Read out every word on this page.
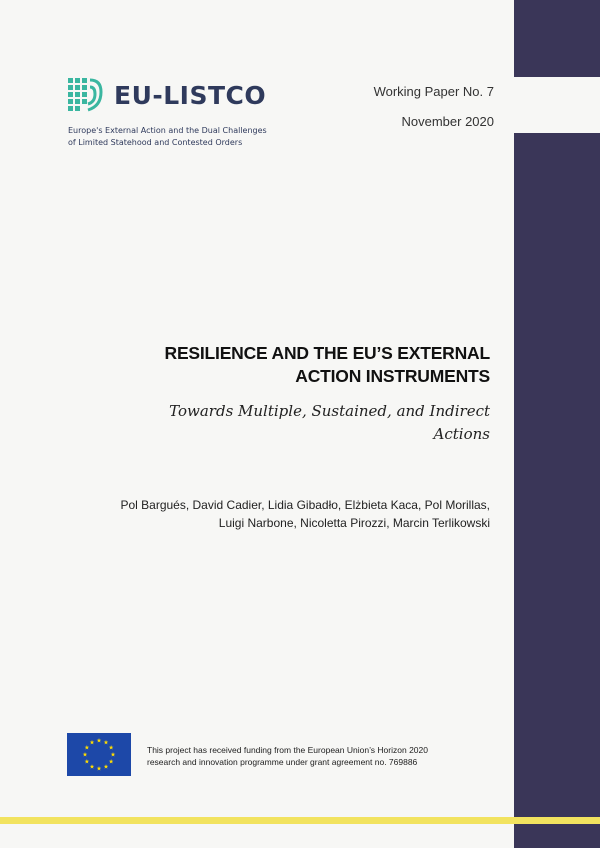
EU-LISTCO
Europe's External Action and the Dual Challenges
of Limited Statehood and Contested Orders
Working Paper No. 7
November 2020
RESILIENCE AND THE EU’S EXTERNAL
ACTION INSTRUMENTS
Towards Multiple, Sustained, and Indirect
Actions
Pol Bargués, David Cadier, Lidia Gibadło, Elżbieta Kaca, Pol Morillas,
Luigi Narbone, Nicoletta Pirozzi, Marcin Terlikowski
This project has received funding from the European Union’s Horizon 2020
research and innovation programme under grant agreement no. 769886
